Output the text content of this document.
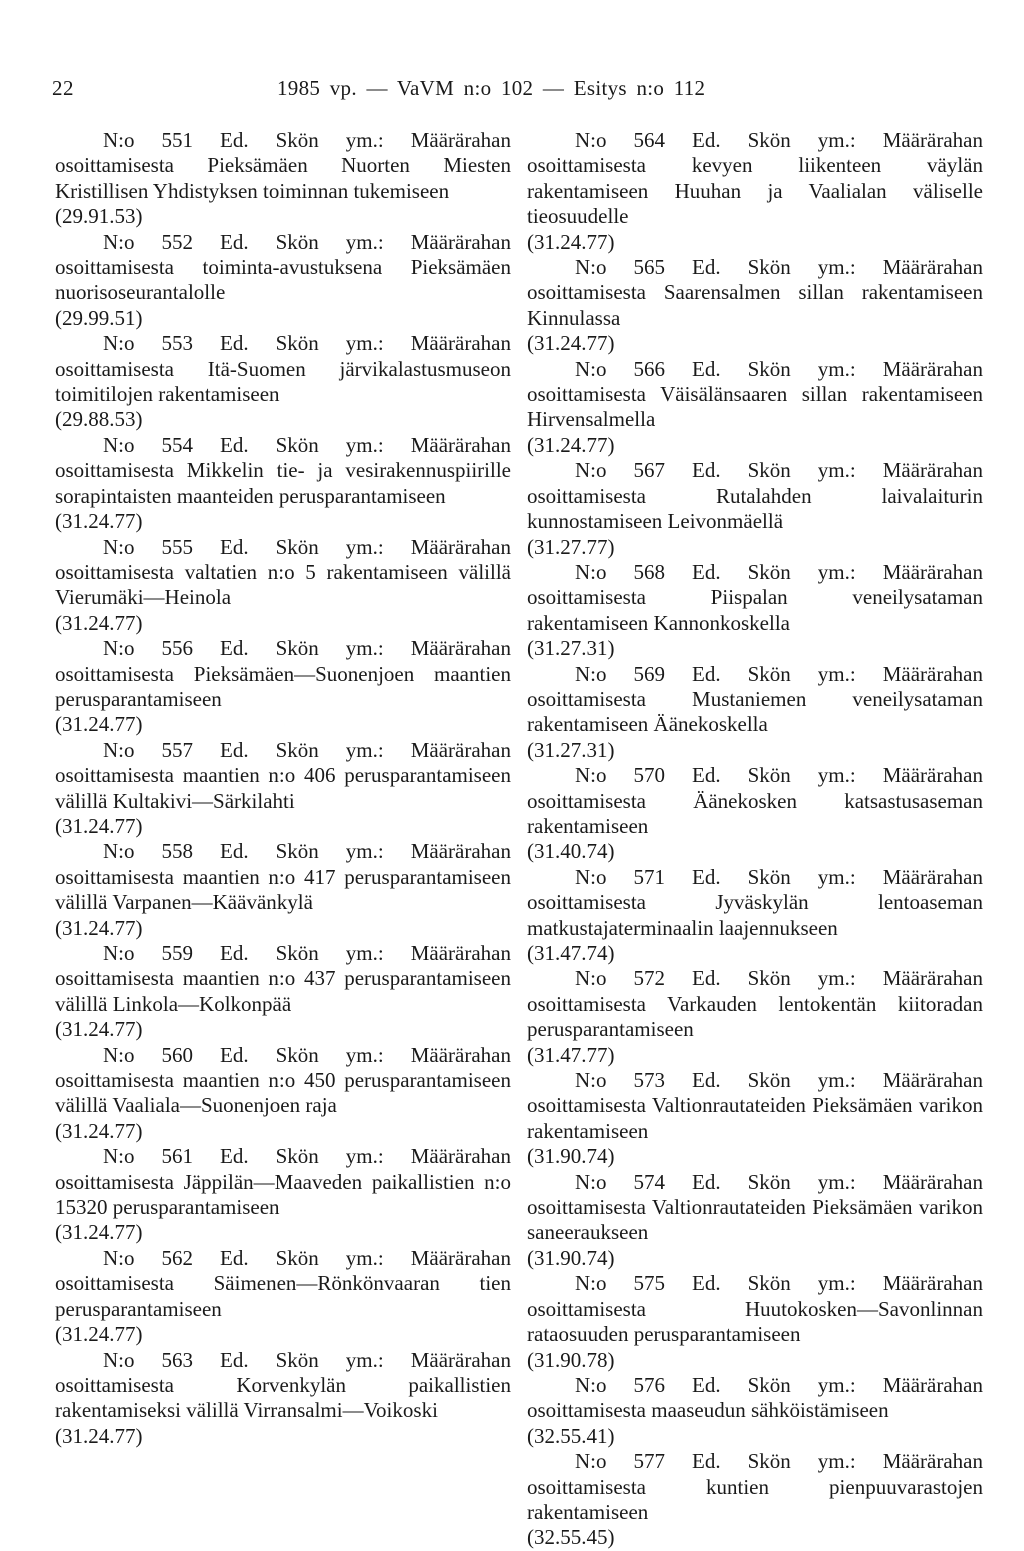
22	1985 vp. — VaVM n:o 102 — Esitys n:o 112

N:o 551 Ed. Skön ym.: Määrärahan osoittamisesta Pieksämäen Nuorten Miesten Kristillisen Yhdistyksen toiminnan tukemiseen

(29.91.53)

N:o 552 Ed. Skön ym.: Määrärahan osoittamisesta toiminta-avustuksena Pieksämäen nuorisoseurantalolle

(29.99.51)

N:o 553 Ed. Skön ym.: Määrärahan osoittamisesta Itä-Suomen järvikalastusmuseon toimitilojen rakentamiseen

(29.88.53)

N:o 554 Ed. Skön ym.: Määrärahan osoittamisesta Mikkelin tie- ja vesirakennuspiirille sorapintaisten maanteiden perusparantamiseen

(31.24.77)

N:o 555 Ed. Skön ym.: Määrärahan osoittamisesta valtatien n:o 5 rakentamiseen välillä Vierumäki—Heinola

(31.24.77)

N:o 556 Ed. Skön ym.: Määrärahan osoittamisesta Pieksämäen—Suonenjoen maantien perusparantamiseen

(31.24.77)

N:o 557 Ed. Skön ym.: Määrärahan osoittamisesta maantien n:o 406 perusparantamiseen välillä Kultakivi—Särkilahti

(31.24.77)

N:o 558 Ed. Skön ym.: Määrärahan osoittamisesta maantien n:o 417 perusparantamiseen välillä Varpanen—Käävänkylä

(31.24.77)

N:o 559 Ed. Skön ym.: Määrärahan osoittamisesta maantien n:o 437 perusparantamiseen välillä Linkola—Kolkonpää

(31.24.77)

N:o 560 Ed. Skön ym.: Määrärahan osoittamisesta maantien n:o 450 perusparantamiseen välillä Vaaliala—Suonenjoen raja

(31.24.77)

N:o 561 Ed. Skön ym.: Määrärahan osoittamisesta Jäppilän—Maaveden paikallistien n:o 15320 perusparantamiseen

(31.24.77)

N:o 562 Ed. Skön ym.: Määrärahan osoittamisesta Säimenen—Rönkönvaaran tien perusparantamiseen

(31.24.77)

N:o 563 Ed. Skön ym.: Määrärahan osoittamisesta Korvenkylän paikallistien rakentamiseksi välillä Virransalmi—Voikoski

(31.24.77)

N:o 564 Ed. Skön ym.: Määrärahan osoittamisesta kevyen liikenteen väylän rakentamiseen Huuhan ja Vaalialan väliselle tieosuudelle

(31.24.77)

N:o 565 Ed. Skön ym.: Määrärahan osoittamisesta Saarensalmen sillan rakentamiseen Kinnulassa

(31.24.77)

N:o 566 Ed. Skön ym.: Määrärahan osoittamisesta Väisälänsaaren sillan rakentamiseen Hirvensalmella

(31.24.77)

N:o 567 Ed. Skön ym.: Määrärahan osoittamisesta Rutalahden laivalaiturin kunnostamiseen Leivonmäellä

(31.27.77)

N:o 568 Ed. Skön ym.: Määrärahan osoittamisesta Piispalan veneilysataman rakentamiseen Kannonkoskella

(31.27.31)

N:o 569 Ed. Skön ym.: Määrärahan osoittamisesta Mustaniemen veneilysataman rakentamiseen Äänekoskella

(31.27.31)

N:o 570 Ed. Skön ym.: Määrärahan osoittamisesta Äänekosken katsastusaseman rakentamiseen

(31.40.74)

N:o 571 Ed. Skön ym.: Määrärahan osoittamisesta Jyväskylän lentoaseman matkustajaterminaalin laajennukseen

(31.47.74)

N:o 572 Ed. Skön ym.: Määrärahan osoittamisesta Varkauden lentokentän kiitoradan perusparantamiseen

(31.47.77)

N:o 573 Ed. Skön ym.: Määrärahan osoittamisesta Valtionrautateiden Pieksämäen varikon rakentamiseen

(31.90.74)

N:o 574 Ed. Skön ym.: Määrärahan osoittamisesta Valtionrautateiden Pieksämäen varikon saneeraukseen

(31.90.74)

N:o 575 Ed. Skön ym.: Määrärahan osoittamisesta Huutokosken—Savonlinnan rataosuuden perusparantamiseen

(31.90.78)

N:o 576 Ed. Skön ym.: Määrärahan osoittamisesta maaseudun sähköistämiseen

(32.55.41)

N:o 577 Ed. Skön ym.: Määrärahan osoittamisesta kuntien pienpuuvarastojen rakentamiseen

(32.55.45)
